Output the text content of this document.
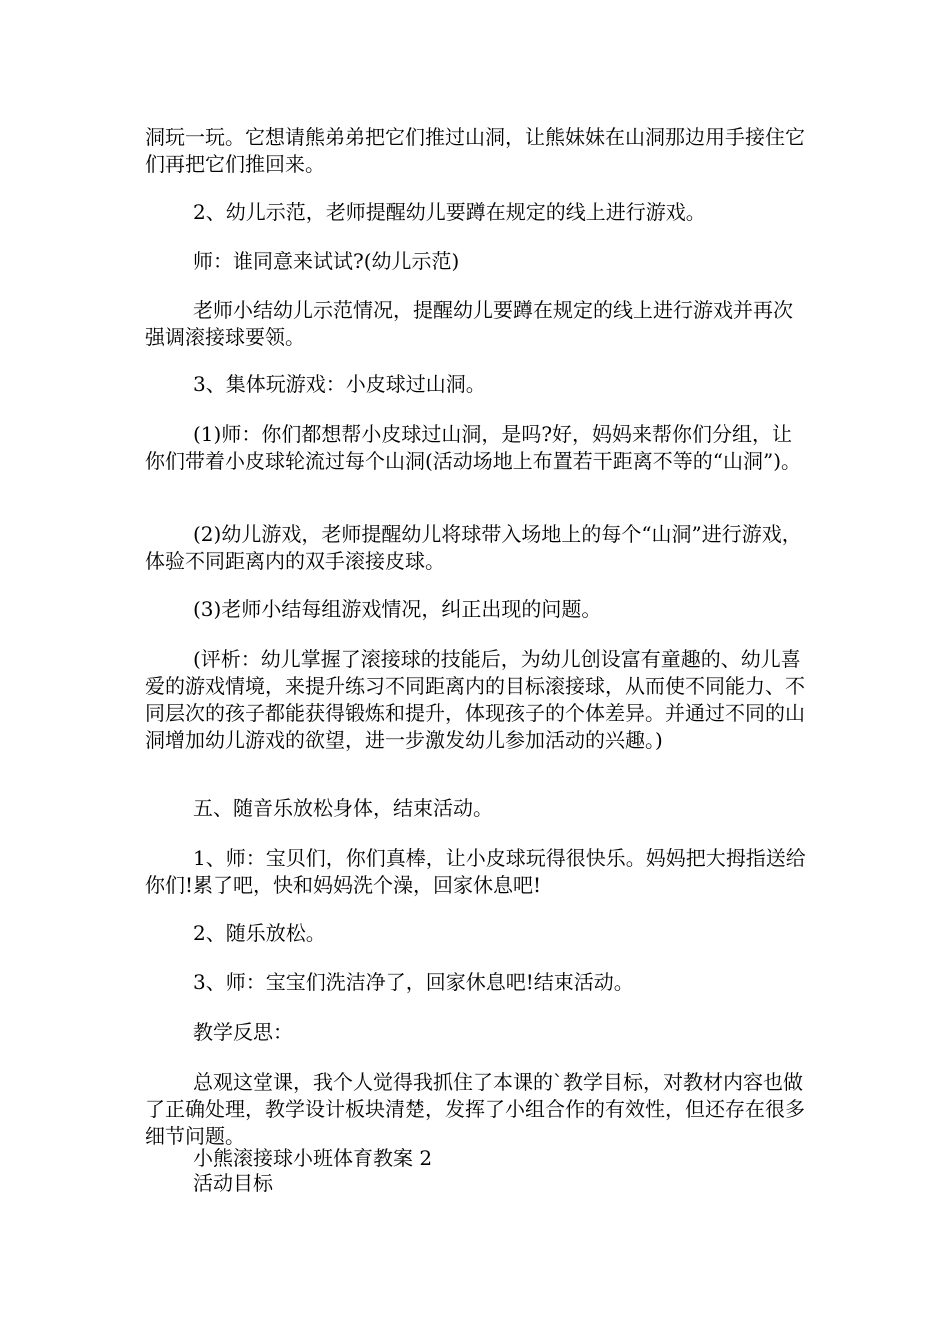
洞玩一玩。它想请熊弟弟把它们推过山洞，让熊妹妹在山洞那边用手接住它们再把它们推回来。

2、幼儿示范，老师提醒幼儿要蹲在规定的线上进行游戏。

师：谁同意来试试?(幼儿示范)

老师小结幼儿示范情况，提醒幼儿要蹲在规定的线上进行游戏并再次强调滚接球要领。

3、集体玩游戏：小皮球过山洞。

(1)师：你们都想帮小皮球过山洞，是吗?好，妈妈来帮你们分组，让你们带着小皮球轮流过每个山洞(活动场地上布置若干距离不等的“山洞”)。

(2)幼儿游戏，老师提醒幼儿将球带入场地上的每个“山洞”进行游戏，体验不同距离内的双手滚接皮球。

(3)老师小结每组游戏情况，纠正出现的问题。

(评析：幼儿掌握了滚接球的技能后，为幼儿创设富有童趣的、幼儿喜爱的游戏情境，来提升练习不同距离内的目标滚接球，从而使不同能力、不同层次的孩子都能获得锻炼和提升，体现孩子的个体差异。并通过不同的山洞增加幼儿游戏的欲望，进一步激发幼儿参加活动的兴趣。)

五、随音乐放松身体，结束活动。

1、师：宝贝们，你们真棒，让小皮球玩得很快乐。妈妈把大拇指送给你们!累了吧，快和妈妈洗个澡，回家休息吧!

2、随乐放松。

3、师：宝宝们洗洁净了，回家休息吧!结束活动。

教学反思：

总观这堂课，我个人觉得我抓住了本课的`教学目标，对教材内容也做了正确处理，教学设计板块清楚，发挥了小组合作的有效性，但还存在很多细节问题。

小熊滚接球小班体育教案 2

活动目标
